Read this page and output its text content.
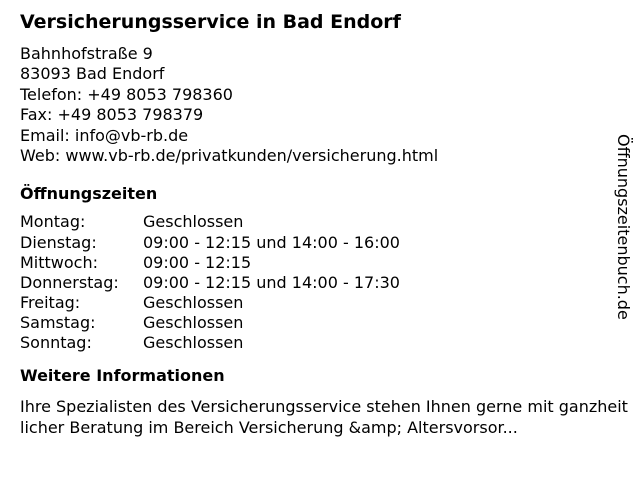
Versicherungsservice in Bad Endorf
Bahnhofstraße 9
83093 Bad Endorf
Telefon: +49 8053 798360
Fax: +49 8053 798379
Email: info@vb-rb.de
Web: www.vb-rb.de/privatkunden/versicherung.html
Öffnungszeiten
Montag:	Geschlossen
Dienstag:	09:00 - 12:15 und 14:00 - 16:00
Mittwoch:	09:00 - 12:15
Donnerstag:	09:00 - 12:15 und 14:00 - 17:30
Freitag:	Geschlossen
Samstag:	Geschlossen
Sonntag:	Geschlossen
Weitere Informationen
Ihre Spezialisten des Versicherungsservice stehen Ihnen gerne mit ganzheitlicher Beratung im Bereich Versicherung &amp; Altersvorsor...
Öffnungszeitenbuch.de
